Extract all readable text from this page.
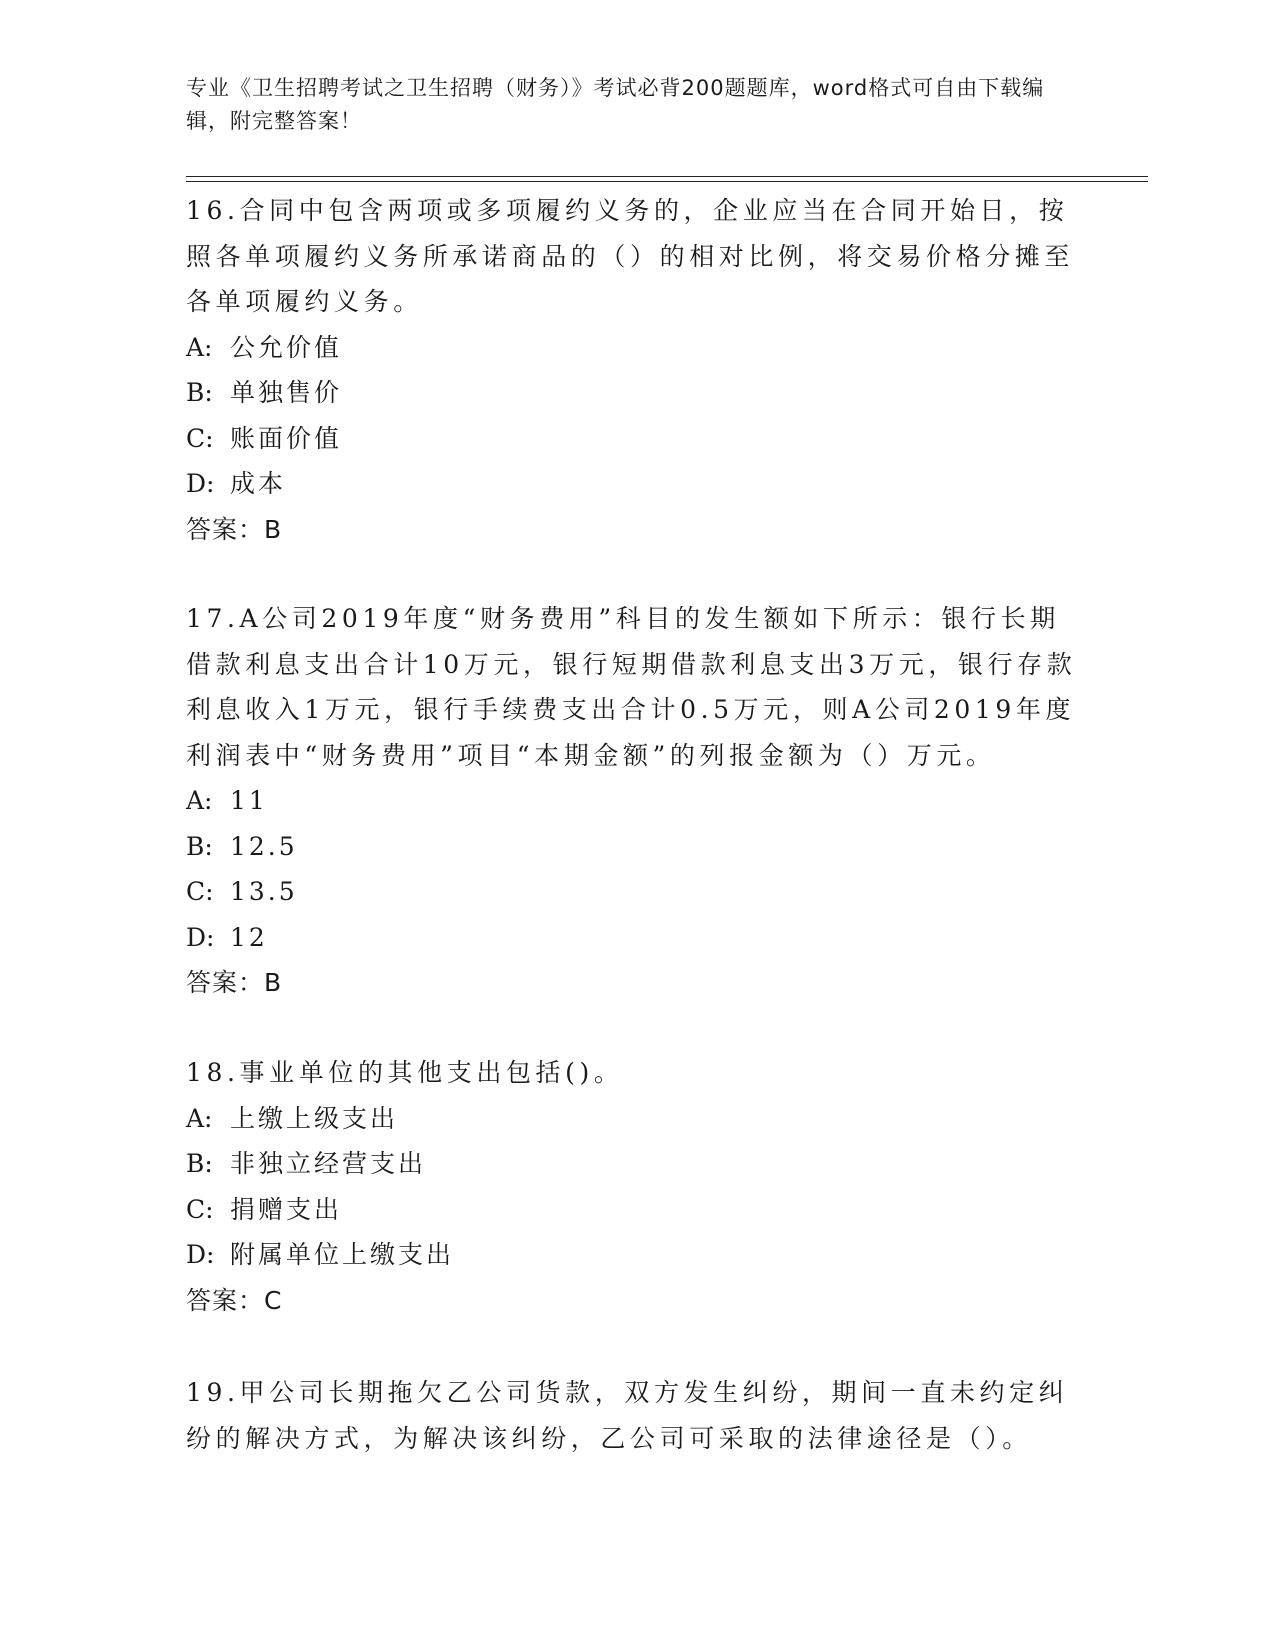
专业《卫生招聘考试之卫生招聘（财务）》考试必背200题题库，word格式可自由下载编辑，附完整答案！

16.合同中包含两项或多项履约义务的，企业应当在合同开始日，按照各单项履约义务所承诺商品的（）的相对比例，将交易价格分摊至各单项履约义务。

A: 公允价值

B: 单独售价

C: 账面价值

D: 成本

答案：B

17.A公司2019年度“财务费用”科目的发生额如下所示：银行长期借款利息支出合计10万元，银行短期借款利息支出3万元，银行存款利息收入1万元，银行手续费支出合计0.5万元，则A公司2019年度利润表中“财务费用”项目“本期金额”的列报金额为（）万元。

A: 11

B: 12.5

C: 13.5

D: 12

答案：B

18.事业单位的其他支出包括()。

A: 上缴上级支出

B: 非独立经营支出

C: 捐赠支出

D: 附属单位上缴支出

答案：C

19.甲公司长期拖欠乙公司货款，双方发生纠纷，期间一直未约定纠纷的解决方式，为解决该纠纷，乙公司可采取的法律途径是（）。
